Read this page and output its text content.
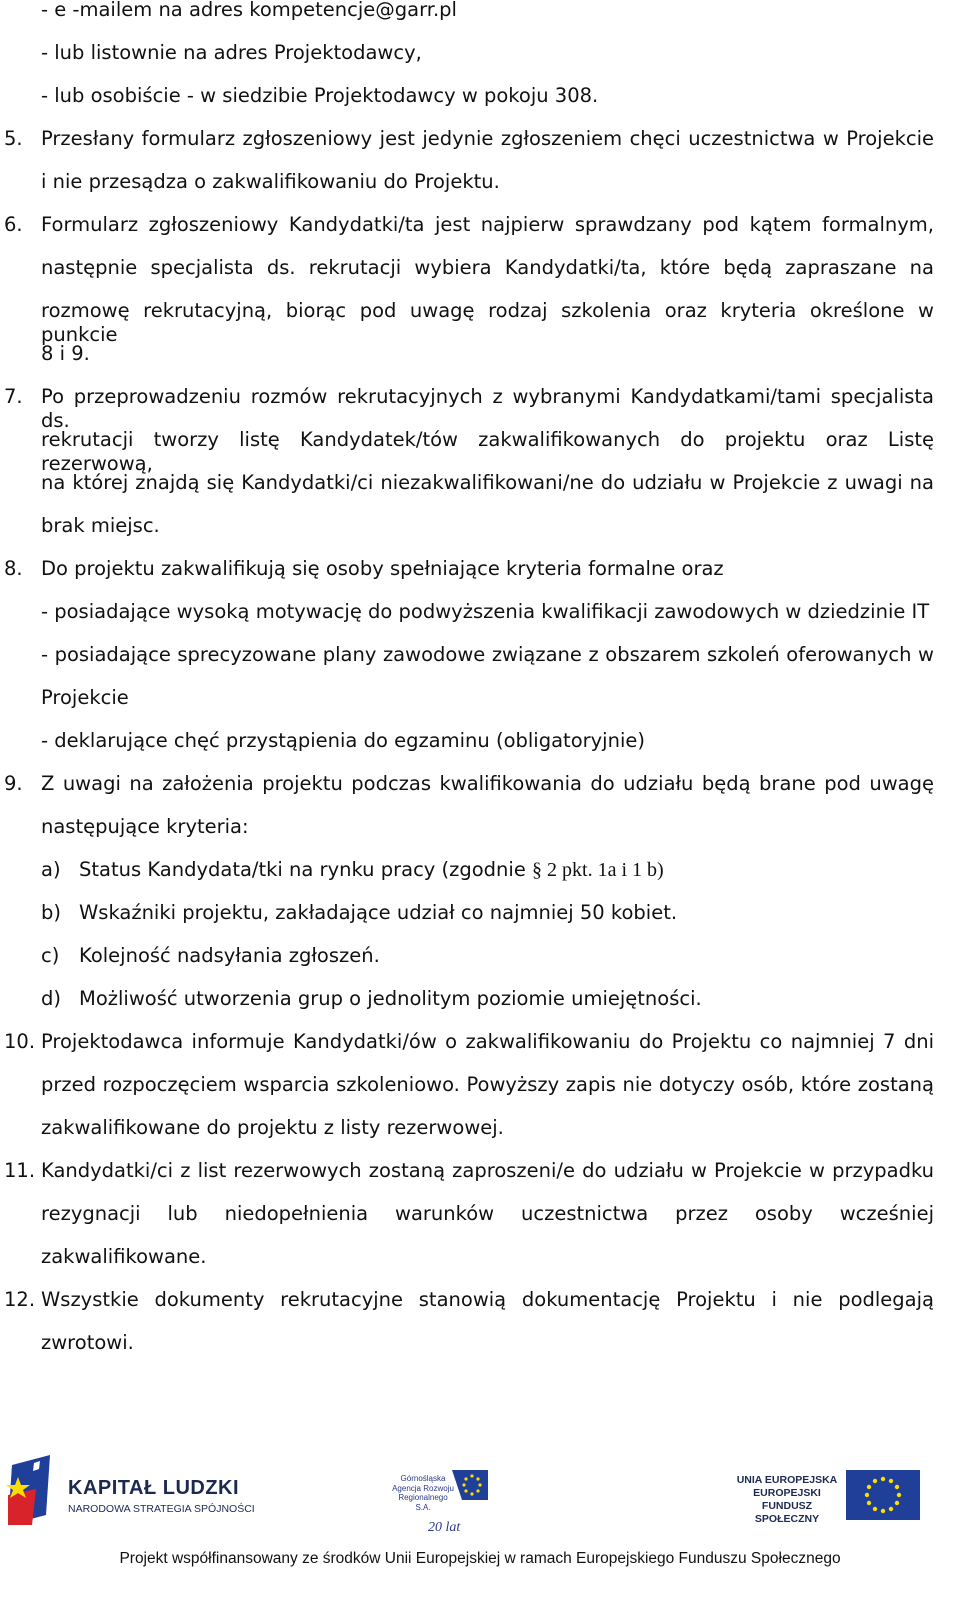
- e -mailem na adres kompetencje@garr.pl
- lub listownie na adres Projektodawcy,
- lub osobiście - w siedzibie Projektodawcy w pokoju 308.
5. Przesłany formularz zgłoszeniowy jest jedynie zgłoszeniem chęci uczestnictwa w Projekcie
i nie przesądza o zakwalifikowaniu do Projektu.
6. Formularz zgłoszeniowy Kandydatki/ta jest najpierw sprawdzany pod kątem formalnym,
następnie specjalista ds. rekrutacji wybiera Kandydatki/ta, które będą zapraszane na
rozmowę rekrutacyjną, biorąc pod uwagę rodzaj szkolenia oraz kryteria określone w punkcie
8 i 9.
7. Po przeprowadzeniu rozmów rekrutacyjnych z wybranymi Kandydatkami/tami specjalista ds.
rekrutacji tworzy listę Kandydatek/tów zakwalifikowanych do projektu oraz Listę rezerwową,
na której znajdą się Kandydatki/ci niezakwalifikowani/ne do udziału w Projekcie z uwagi na
brak miejsc.
8. Do projektu zakwalifikują się osoby spełniające kryteria formalne oraz
- posiadające wysoką motywację do podwyższenia kwalifikacji zawodowych w dziedzinie IT
- posiadające sprecyzowane plany zawodowe związane z obszarem szkoleń oferowanych w
Projekcie
- deklarujące chęć przystąpienia do egzaminu (obligatoryjnie)
9. Z uwagi na założenia projektu podczas kwalifikowania do udziału będą brane pod uwagę
następujące kryteria:
a) Status Kandydata/tki na rynku pracy (zgodnie § 2 pkt. 1a i 1 b)
b) Wskaźniki projektu, zakładające udział co najmniej 50 kobiet.
c) Kolejność nadsyłania zgłoszeń.
d) Możliwość utworzenia grup o jednolitym poziomie umiejętności.
10. Projektodawca informuje Kandydatki/ów o zakwalifikowaniu do Projektu co najmniej 7 dni
przed rozpoczęciem wsparcia szkoleniowo. Powyższy zapis nie dotyczy osób, które zostaną
zakwalifikowane do projektu z listy rezerwowej.
11. Kandydatki/ci z list rezerwowych zostaną zaproszeni/e do udziału w Projekcie w przypadku
rezygnacji lub niedopełnienia warunków uczestnictwa przez osoby wcześniej
zakwalifikowane.
12. Wszystkie dokumenty rekrutacyjne stanowią dokumentację Projektu i nie podlegają
zwrotowi.
KAPITAŁ LUDZKI
NARODOWA STRATEGIA SPÓJNOŚCI
Górnośląska Agencja Rozwoju Regionalnego S.A.
20 lat
UNIA EUROPEJSKA EUROPEJSKI FUNDUSZ SPOŁECZNY
Projekt współfinansowany ze środków Unii Europejskiej w ramach Europejskiego Funduszu Społecznego
